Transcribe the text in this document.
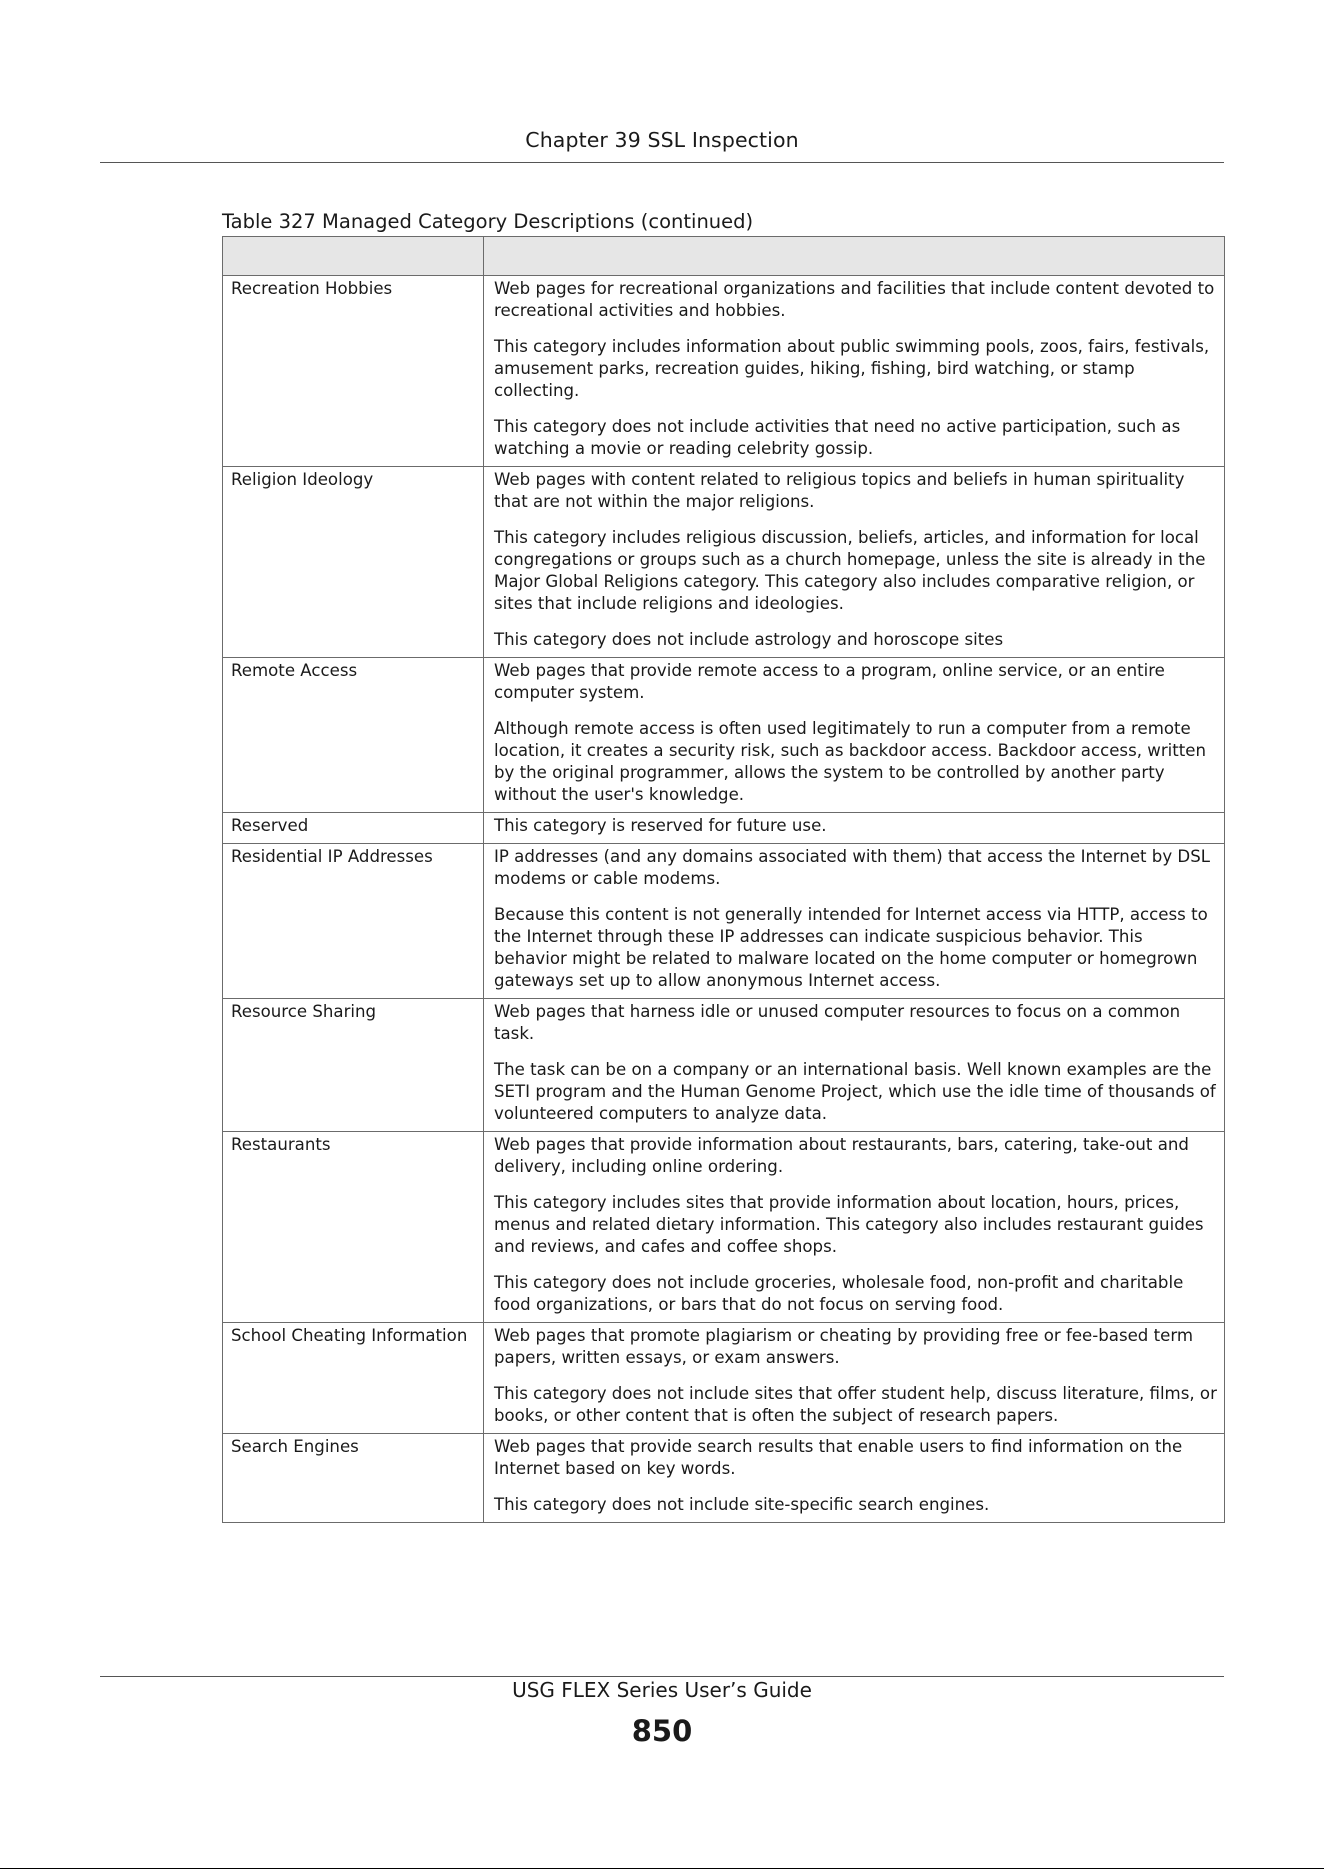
Chapter 39 SSL Inspection
Table 327 Managed Category Descriptions (continued)

Recreation Hobbies	Web pages for recreational organizations and facilities that include content devoted to recreational activities and hobbies.

This category includes information about public swimming pools, zoos, fairs, festivals, amusement parks, recreation guides, hiking, fishing, bird watching, or stamp collecting.

This category does not include activities that need no active participation, such as watching a movie or reading celebrity gossip.

Religion Ideology	Web pages with content related to religious topics and beliefs in human spirituality that are not within the major religions.

This category includes religious discussion, beliefs, articles, and information for local congregations or groups such as a church homepage, unless the site is already in the Major Global Religions category. This category also includes comparative religion, or sites that include religions and ideologies.

This category does not include astrology and horoscope sites

Remote Access	Web pages that provide remote access to a program, online service, or an entire computer system.

Although remote access is often used legitimately to run a computer from a remote location, it creates a security risk, such as backdoor access. Backdoor access, written by the original programmer, allows the system to be controlled by another party without the user's knowledge.

Reserved	This category is reserved for future use.

Residential IP Addresses	IP addresses (and any domains associated with them) that access the Internet by DSL modems or cable modems.

Because this content is not generally intended for Internet access via HTTP, access to the Internet through these IP addresses can indicate suspicious behavior. This behavior might be related to malware located on the home computer or homegrown gateways set up to allow anonymous Internet access.

Resource Sharing	Web pages that harness idle or unused computer resources to focus on a common task.

The task can be on a company or an international basis. Well known examples are the SETI program and the Human Genome Project, which use the idle time of thousands of volunteered computers to analyze data.

Restaurants	Web pages that provide information about restaurants, bars, catering, take-out and delivery, including online ordering.

This category includes sites that provide information about location, hours, prices, menus and related dietary information. This category also includes restaurant guides and reviews, and cafes and coffee shops.

This category does not include groceries, wholesale food, non-profit and charitable food organizations, or bars that do not focus on serving food.

School Cheating Information	Web pages that promote plagiarism or cheating by providing free or fee-based term papers, written essays, or exam answers.

This category does not include sites that offer student help, discuss literature, films, or books, or other content that is often the subject of research papers.

Search Engines	Web pages that provide search results that enable users to find information on the Internet based on key words.

This category does not include site-specific search engines.

USG FLEX Series User’s Guide
850
